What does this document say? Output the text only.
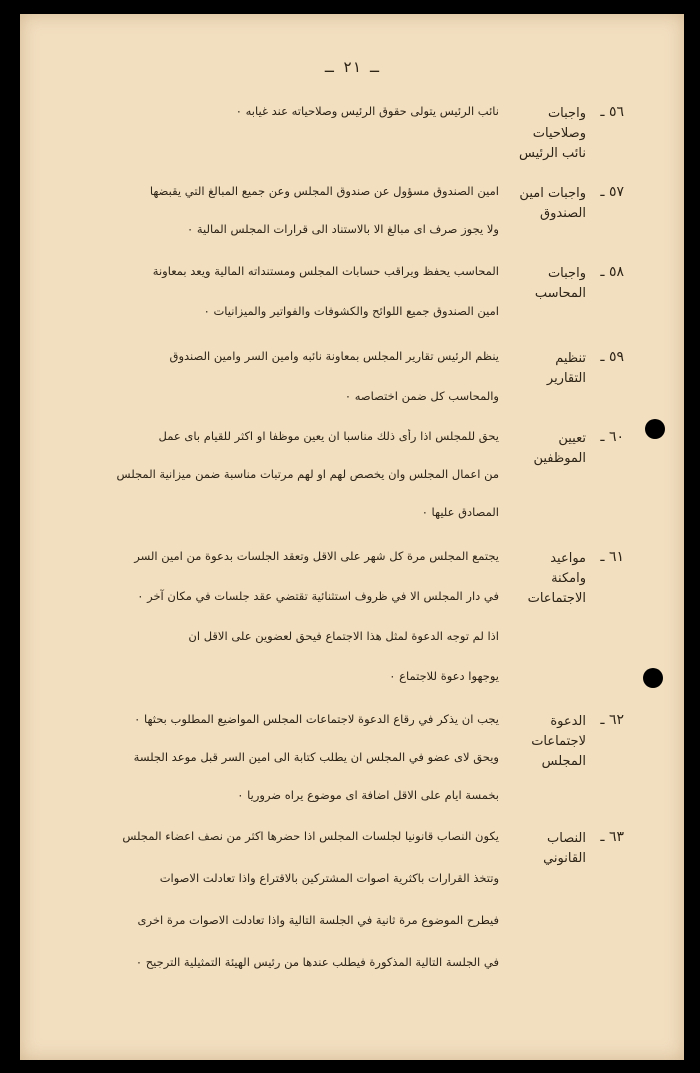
ـ ٢١ ـ
٥٦ ـ
واجبات
وصلاحيات
نائب الرئيس
نائب الرئيس يتولى حقوق الرئيس وصلاحياته عند غيابه ٠
٥٧ ـ
واجبات امين
الصندوق
امين الصندوق مسؤول عن صندوق المجلس وعن جميع المبالغ التي يقبضها
ولا يجوز صرف اى مبالغ الا بالاستناد الى قرارات المجلس المالية ٠
٥٨ ـ
واجبات
المحاسب
المحاسب يحفظ ويراقب حسابات المجلس ومستنداته المالية ويعد بمعاونة
امين الصندوق جميع اللوائح والكشوفات والفواتير والميزانيات ٠
٥٩ ـ
تنظيم
التقارير
ينظم الرئيس تقارير المجلس بمعاونة نائبه وامين السر وامين الصندوق
والمحاسب كل ضمن اختصاصه ٠
٦٠ ـ
تعيين
الموظفين
يحق للمجلس اذا رأى ذلك مناسبا ان يعين موظفا او اكثر للقيام باى عمل
من اعمال المجلس وان يخصص لهم او لهم مرتبات مناسبة ضمن ميزانية المجلس
المصادق عليها ٠
٦١ ـ
مواعيد
وامكنة
الاجتماعات
يجتمع المجلس مرة كل شهر على الاقل وتعقد الجلسات بدعوة من امين السر
في دار المجلس الا في ظروف استثنائية تقتضي عقد جلسات في مكان آخر ٠
اذا لم توجه الدعوة لمثل هذا الاجتماع فيحق لعضوين على الاقل ان
يوجهوا دعوة للاجتماع ٠
٦٢ ـ
الدعوة
لاجتماعات
المجلس
يجب ان يذكر في رقاع الدعوة لاجتماعات المجلس المواضيع المطلوب بحثها ٠
ويحق لاى عضو في المجلس ان يطلب كتابة الى امين السر قبل موعد الجلسة
بخمسة ايام على الاقل اضافة اى موضوع يراه ضروريا ٠
٦٣ ـ
النصاب
القانوني
يكون النصاب قانونيا لجلسات المجلس اذا حضرها اكثر من نصف اعضاء المجلس
وتتخذ القرارات باكثرية اصوات المشتركين بالاقتراع واذا تعادلت الاصوات
فيطرح الموضوع مرة ثانية في الجلسة التالية واذا تعادلت الاصوات مرة اخرى
في الجلسة التالية المذكورة فيطلب عندها من رئيس الهيئة التمثيلية الترجيح ٠
